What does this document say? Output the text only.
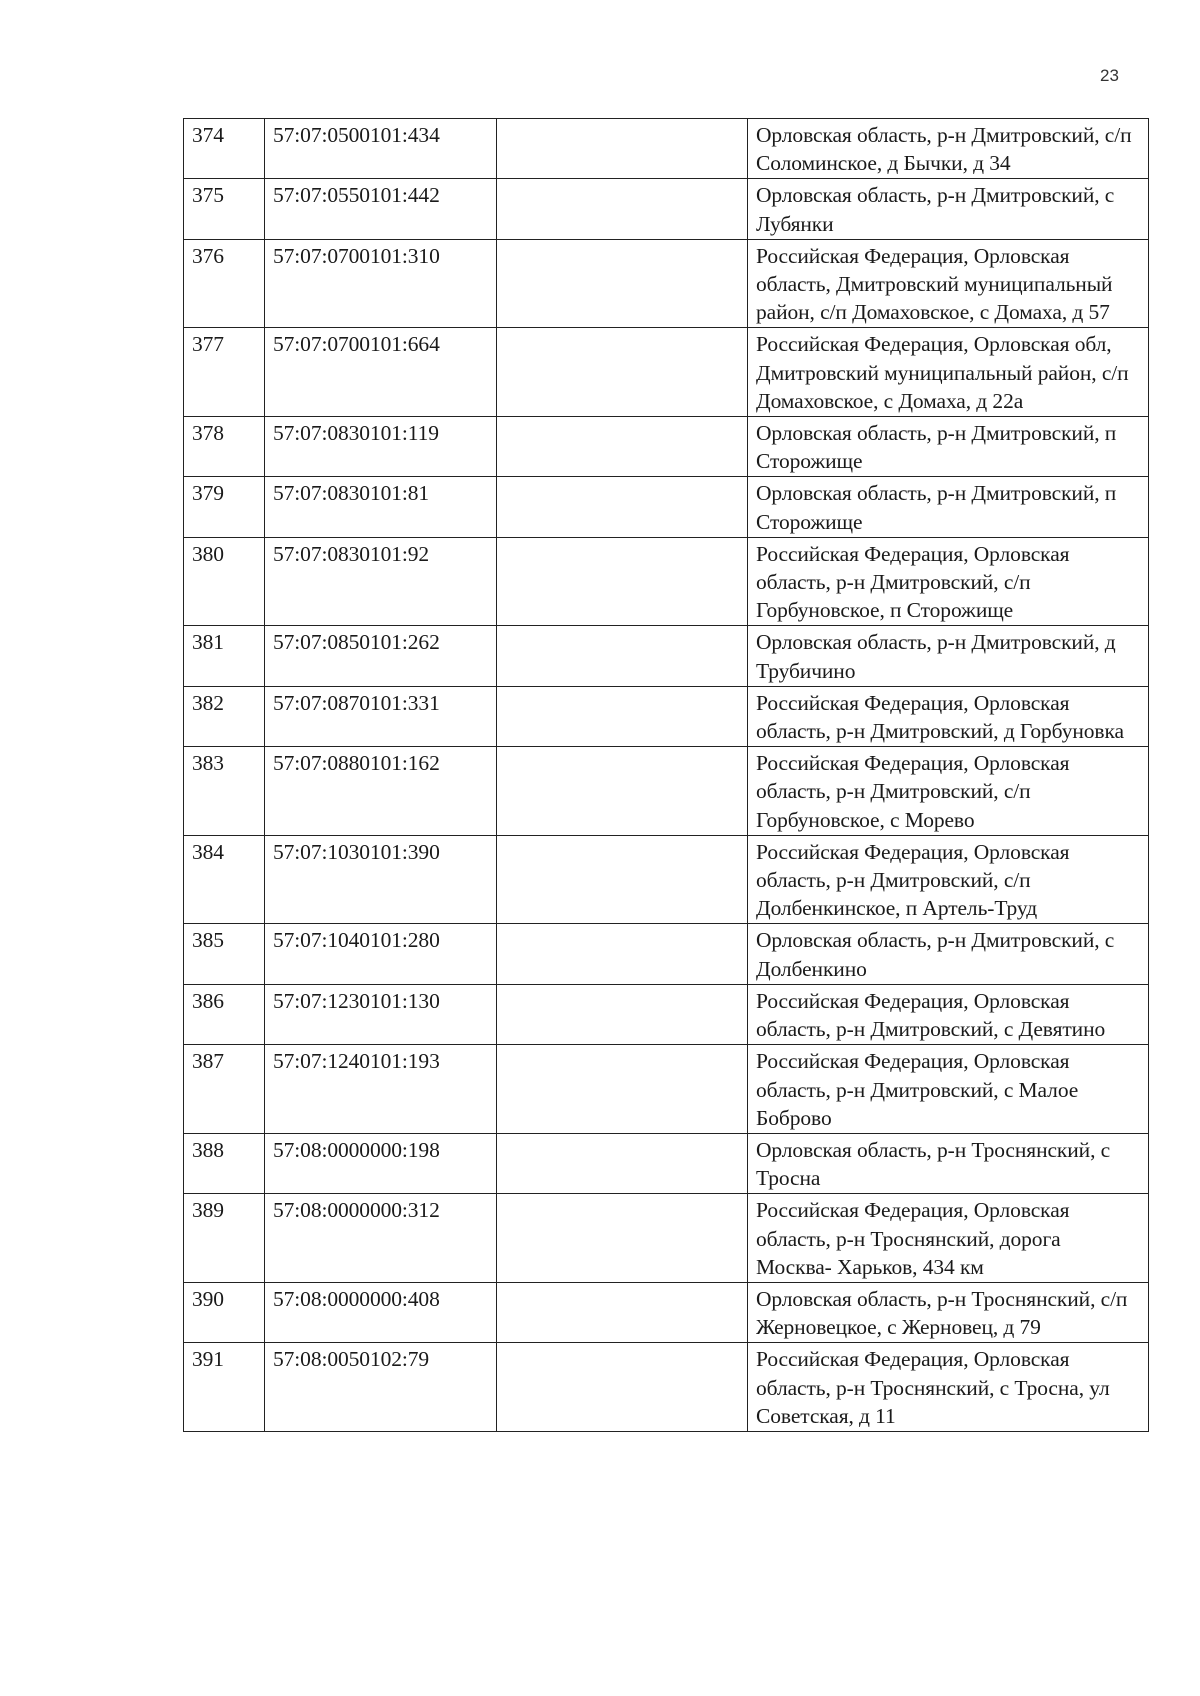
23
374	57:07:0500101:434		Орловская область, р-н Дмитровский, с/п Соломинское, д Бычки, д 34
375	57:07:0550101:442		Орловская область, р-н Дмитровский, с Лубянки
376	57:07:0700101:310		Российская Федерация, Орловская область, Дмитровский муниципальный район, с/п Домаховское, с Домаха, д 57
377	57:07:0700101:664		Российская Федерация, Орловская обл, Дмитровский муниципальный район, с/п Домаховское, с Домаха, д 22а
378	57:07:0830101:119		Орловская область, р-н Дмитровский, п Сторожище
379	57:07:0830101:81		Орловская область, р-н Дмитровский, п Сторожище
380	57:07:0830101:92		Российская Федерация, Орловская область, р-н Дмитровский, с/п Горбуновское, п Сторожище
381	57:07:0850101:262		Орловская область, р-н Дмитровский, д Трубичино
382	57:07:0870101:331		Российская Федерация, Орловская область, р-н Дмитровский, д Горбуновка
383	57:07:0880101:162		Российская Федерация, Орловская область, р-н Дмитровский, с/п Горбуновское, с Морево
384	57:07:1030101:390		Российская Федерация, Орловская область, р-н Дмитровский, с/п Долбенкинское, п Артель-Труд
385	57:07:1040101:280		Орловская область, р-н Дмитровский, с Долбенкино
386	57:07:1230101:130		Российская Федерация, Орловская область, р-н Дмитровский, с Девятино
387	57:07:1240101:193		Российская Федерация, Орловская область, р-н Дмитровский, с Малое Боброво
388	57:08:0000000:198		Орловская область, р-н Троснянский, с Тросна
389	57:08:0000000:312		Российская Федерация, Орловская область, р-н Троснянский, дорога Москва- Харьков, 434 км
390	57:08:0000000:408		Орловская область, р-н Троснянский, с/п Жерновецкое, с Жерновец, д 79
391	57:08:0050102:79		Российская Федерация, Орловская область, р-н Троснянский, с Тросна, ул Советская, д 11
